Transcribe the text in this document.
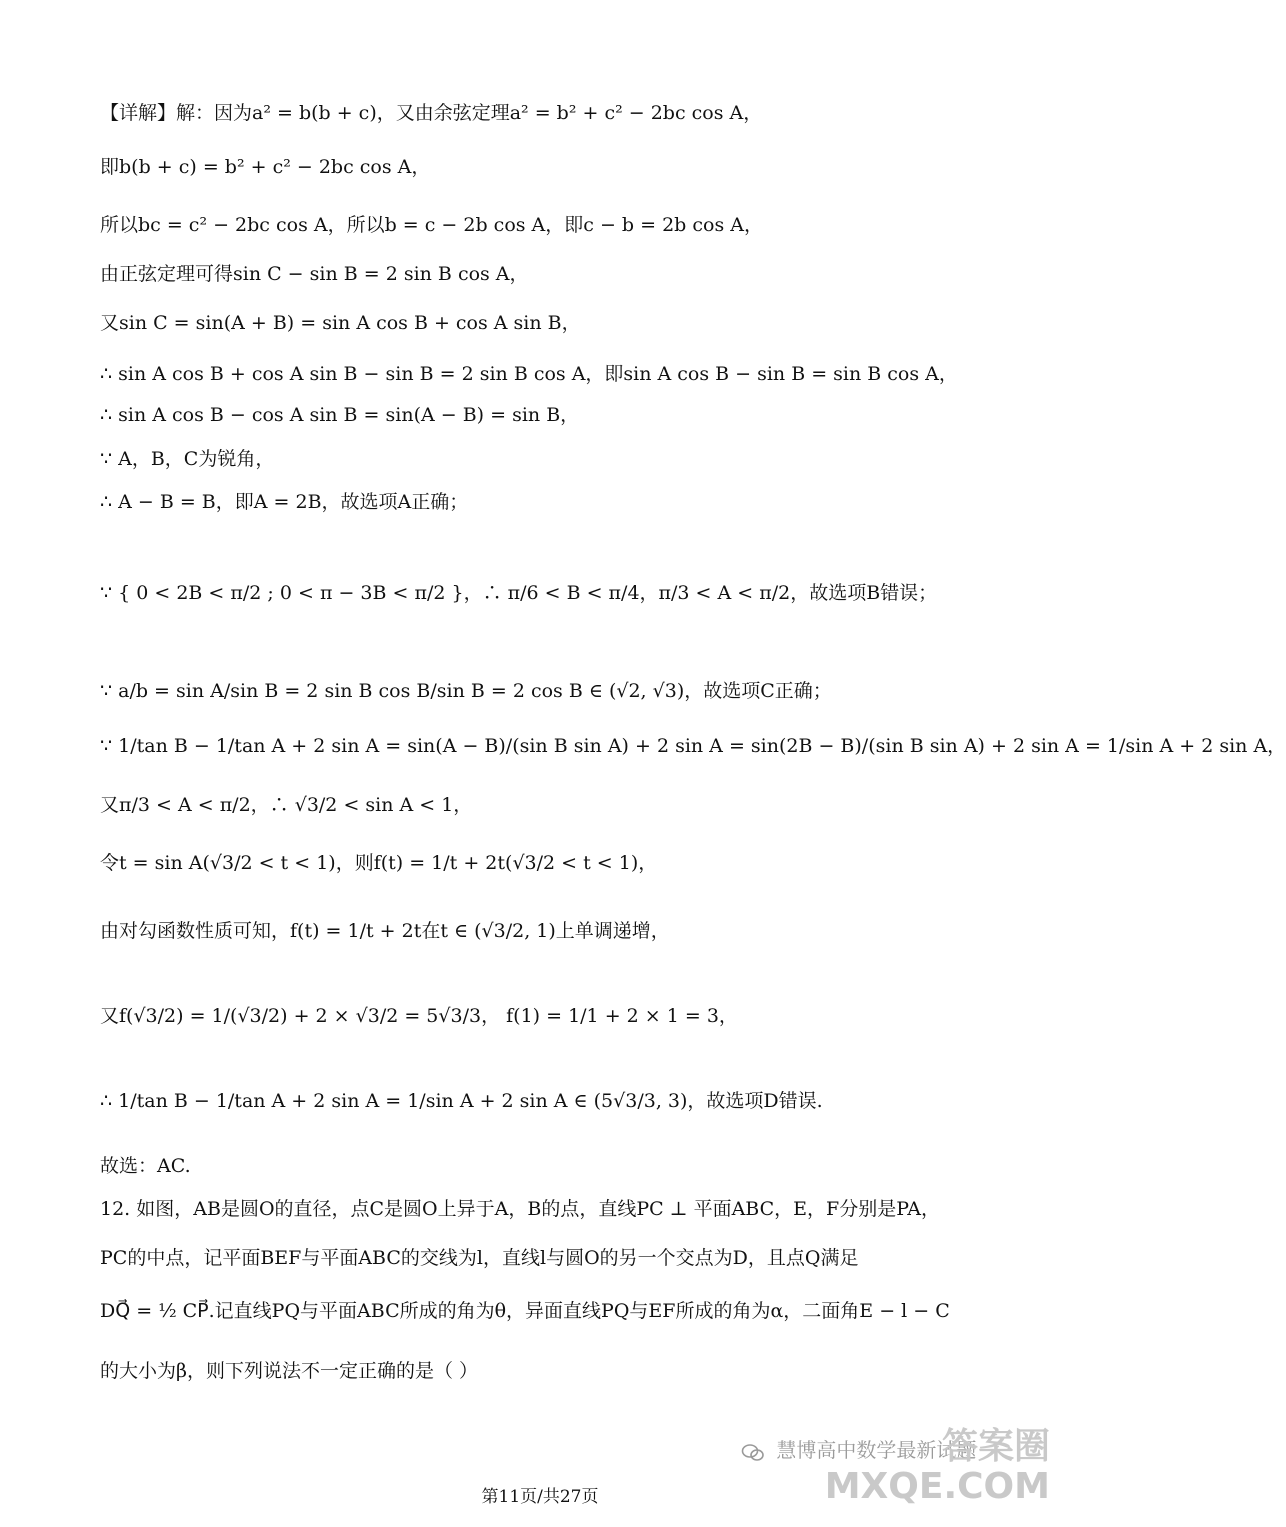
【详解】解：因为a² = b(b + c)，又由余弦定理a² = b² + c² − 2bc cos A，
即b(b + c) = b² + c² − 2bc cos A，
所以bc = c² − 2bc cos A，所以b = c − 2b cos A，即c − b = 2b cos A，
由正弦定理可得sin C − sin B = 2 sin B cos A，
又sin C = sin(A + B) = sin A cos B + cos A sin B，
∴ sin A cos B + cos A sin B − sin B = 2 sin B cos A，即sin A cos B − sin B = sin B cos A，
∴ sin A cos B − cos A sin B = sin(A − B) = sin B，
∵ A，B，C为锐角，
∴ A − B = B，即A = 2B，故选项A正确；
∵ { 0 < 2B < π/2 ; 0 < π − 3B < π/2 }，∴ π/6 < B < π/4，π/3 < A < π/2，故选项B错误；
∵ a/b = sin A/sin B = 2 sin B cos B/sin B = 2 cos B ∈ (√2, √3)，故选项C正确；
∵ 1/tan B − 1/tan A + 2 sin A = sin(A − B)/(sin B sin A) + 2 sin A = sin(2B − B)/(sin B sin A) + 2 sin A = 1/sin A + 2 sin A，
又π/3 < A < π/2，∴ √3/2 < sin A < 1，
令t = sin A(√3/2 < t < 1)，则f(t) = 1/t + 2t(√3/2 < t < 1)，
由对勾函数性质可知，f(t) = 1/t + 2t在t ∈ (√3/2, 1)上单调递增，
又f(√3/2) = 1/(√3/2) + 2 × √3/2 = 5√3/3， f(1) = 1/1 + 2 × 1 = 3，
∴ 1/tan B − 1/tan A + 2 sin A = 1/sin A + 2 sin A ∈ (5√3/3, 3)，故选项D错误.
故选：AC.
12. 如图，AB是圆O的直径，点C是圆O上异于A，B的点，直线PC ⊥ 平面ABC，E，F分别是PA，
PC的中点，记平面BEF与平面ABC的交线为l，直线l与圆O的另一个交点为D，且点Q满足
DQ⃗ = ½ CP⃗.记直线PQ与平面ABC所成的角为θ，异面直线PQ与EF所成的角为α，二面角E − l − C
的大小为β，则下列说法不一定正确的是（ ）
慧博高中数学最新试题
答案圈
MXQE.COM
第11页/共27页
